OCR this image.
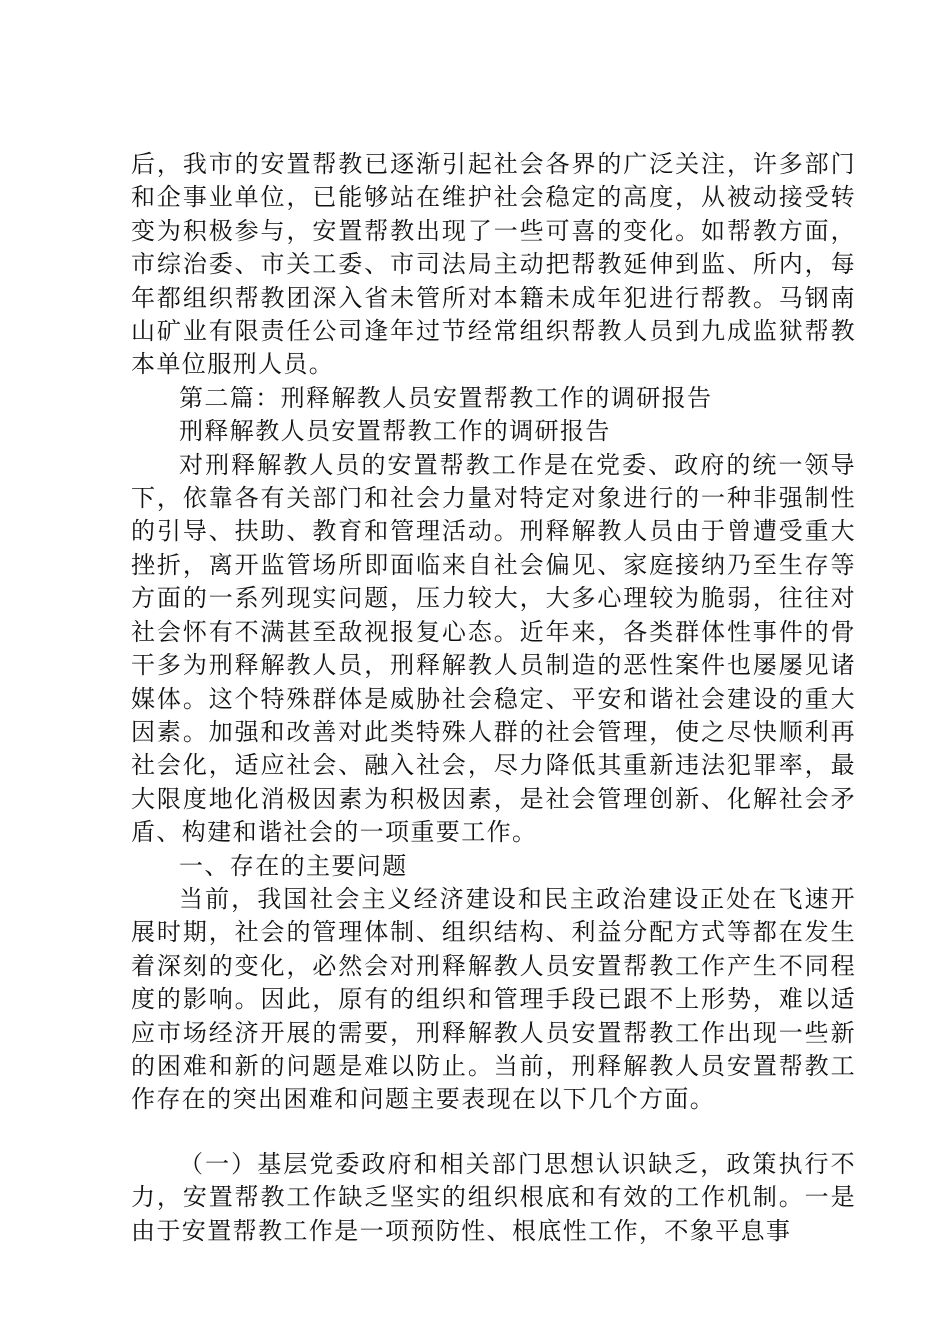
后，我市的安置帮教已逐渐引起社会各界的广泛关注，许多部门和企事业单位，已能够站在维护社会稳定的高度，从被动接受转变为积极参与，安置帮教出现了一些可喜的变化。如帮教方面，市综治委、市关工委、市司法局主动把帮教延伸到监、所内，每年都组织帮教团深入省未管所对本籍未成年犯进行帮教。马钢南山矿业有限责任公司逢年过节经常组织帮教人员到九成监狱帮教本单位服刑人员。

第二篇：刑释解教人员安置帮教工作的调研报告

刑释解教人员安置帮教工作的调研报告

对刑释解教人员的安置帮教工作是在党委、政府的统一领导下，依靠各有关部门和社会力量对特定对象进行的一种非强制性的引导、扶助、教育和管理活动。刑释解教人员由于曾遭受重大挫折，离开监管场所即面临来自社会偏见、家庭接纳乃至生存等方面的一系列现实问题，压力较大，大多心理较为脆弱，往往对社会怀有不满甚至敌视报复心态。近年来，各类群体性事件的骨干多为刑释解教人员，刑释解教人员制造的恶性案件也屡屡见诸媒体。这个特殊群体是威胁社会稳定、平安和谐社会建设的重大因素。加强和改善对此类特殊人群的社会管理，使之尽快顺利再社会化，适应社会、融入社会，尽力降低其重新违法犯罪率，最大限度地化消极因素为积极因素，是社会管理创新、化解社会矛盾、构建和谐社会的一项重要工作。

一、存在的主要问题

当前，我国社会主义经济建设和民主政治建设正处在飞速开展时期，社会的管理体制、组织结构、利益分配方式等都在发生着深刻的变化，必然会对刑释解教人员安置帮教工作产生不同程度的影响。因此，原有的组织和管理手段已跟不上形势，难以适应市场经济开展的需要，刑释解教人员安置帮教工作出现一些新的困难和新的问题是难以防止。当前，刑释解教人员安置帮教工作存在的突出困难和问题主要表现在以下几个方面。

（一）基层党委政府和相关部门思想认识缺乏，政策执行不力，安置帮教工作缺乏坚实的组织根底和有效的工作机制。一是由于安置帮教工作是一项预防性、根底性工作，不象平息事
